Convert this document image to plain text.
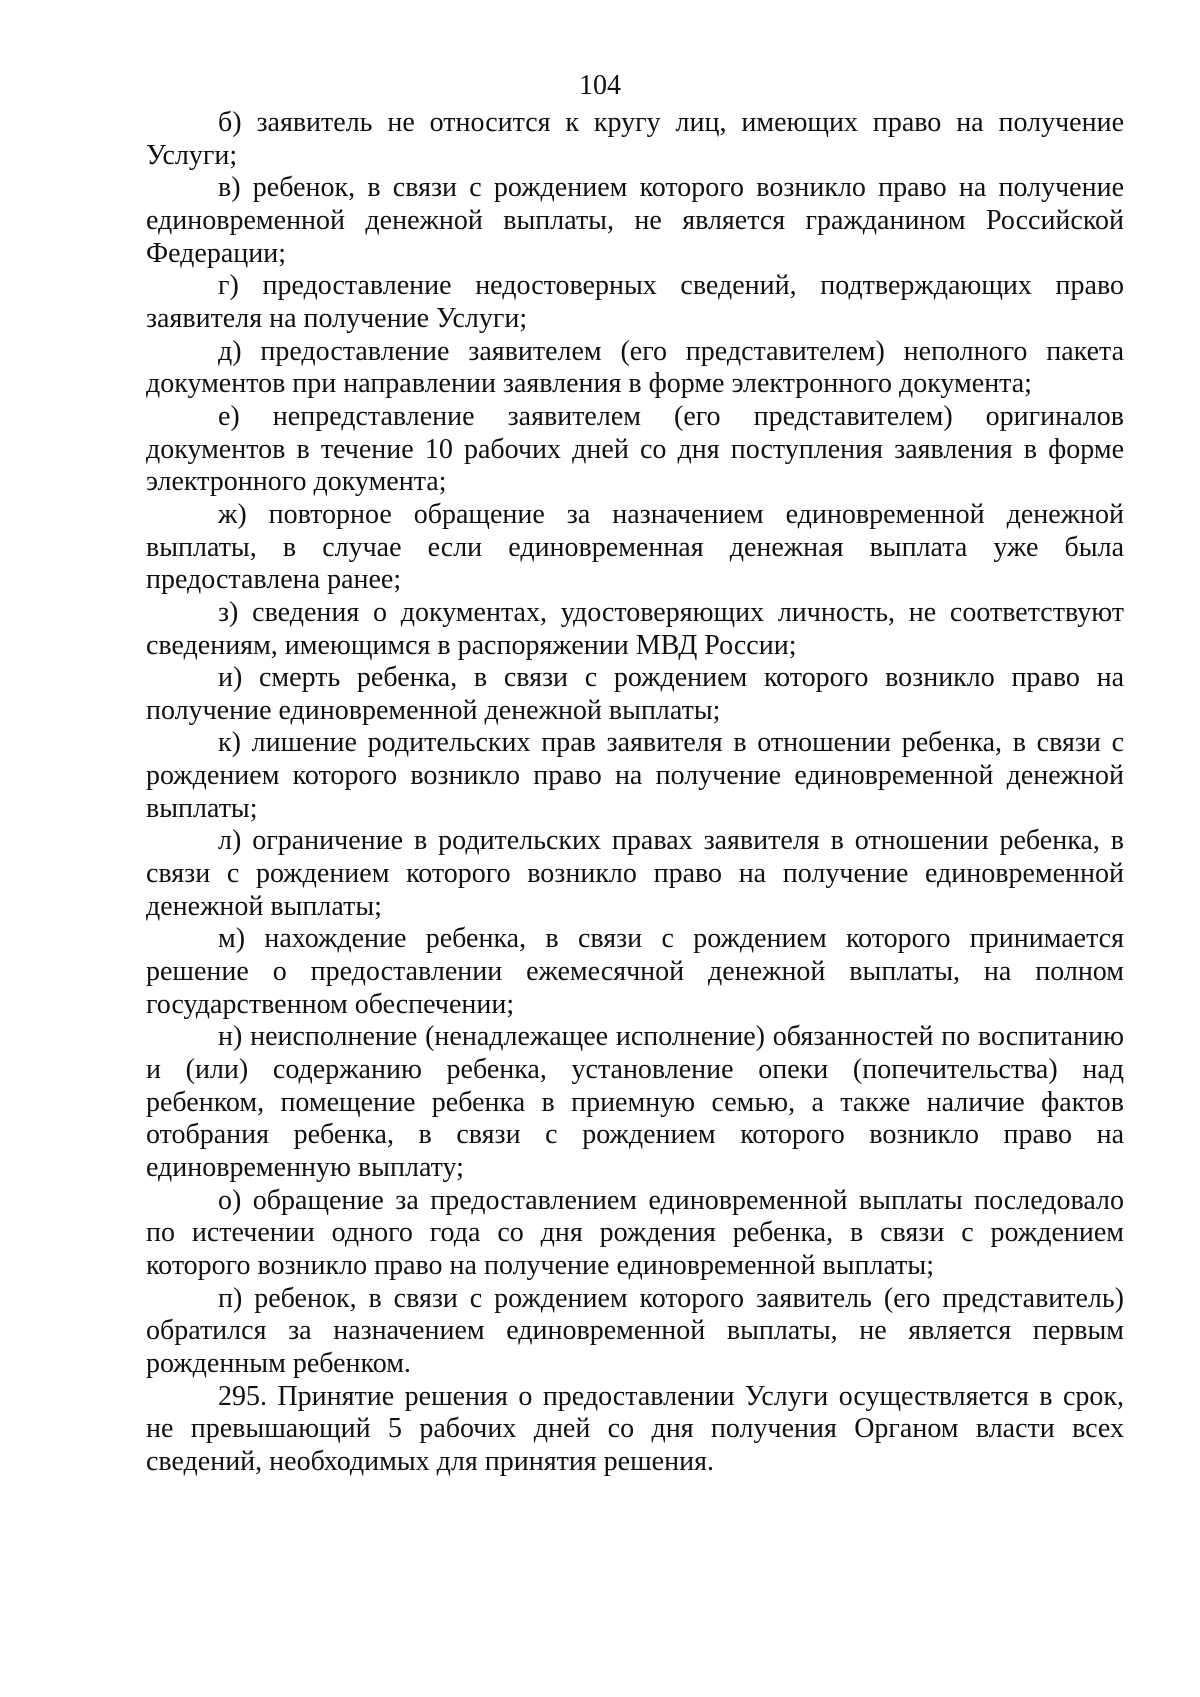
104

б) заявитель не относится к кругу лиц, имеющих право на получение Услуги;

в) ребенок, в связи с рождением которого возникло право на получение единовременной денежной выплаты, не является гражданином Российской Федерации;

г) предоставление недостоверных сведений, подтверждающих право заявителя на получение Услуги;

д) предоставление заявителем (его представителем) неполного пакета документов при направлении заявления в форме электронного документа;

е) непредставление заявителем (его представителем) оригиналов документов в течение 10 рабочих дней со дня поступления заявления в форме электронного документа;

ж) повторное обращение за назначением единовременной денежной выплаты, в случае если единовременная денежная выплата уже была предоставлена ранее;

з) сведения о документах, удостоверяющих личность, не соответствуют сведениям, имеющимся в распоряжении МВД России;

и) смерть ребенка, в связи с рождением которого возникло право на получение единовременной денежной выплаты;

к) лишение родительских прав заявителя в отношении ребенка, в связи с рождением которого возникло право на получение единовременной денежной выплаты;

л) ограничение в родительских правах заявителя в отношении ребенка, в связи с рождением которого возникло право на получение единовременной денежной выплаты;

м) нахождение ребенка, в связи с рождением которого принимается решение о предоставлении ежемесячной денежной выплаты, на полном государственном обеспечении;

н) неисполнение (ненадлежащее исполнение) обязанностей по воспитанию и (или) содержанию ребенка, установление опеки (попечительства) над ребенком, помещение ребенка в приемную семью, а также наличие фактов отобрания ребенка, в связи с рождением которого возникло право на единовременную выплату;

о) обращение за предоставлением единовременной выплаты последовало по истечении одного года со дня рождения ребенка, в связи с рождением которого возникло право на получение единовременной выплаты;

п) ребенок, в связи с рождением которого заявитель (его представитель) обратился за назначением единовременной выплаты, не является первым рожденным ребенком.

295. Принятие решения о предоставлении Услуги осуществляется в срок, не превышающий 5 рабочих дней со дня получения Органом власти всех сведений, необходимых для принятия решения.
